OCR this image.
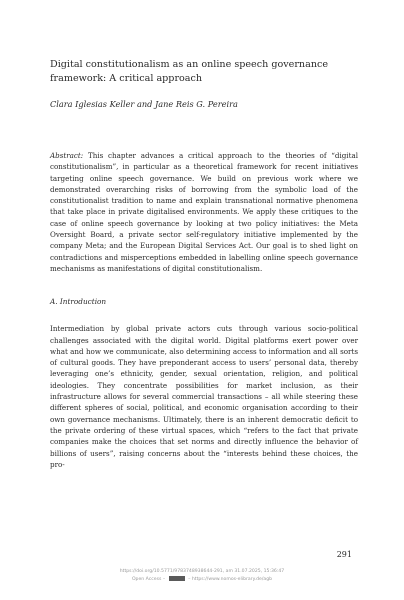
Digital constitutionalism as an online speech governance framework: A critical approach
Clara Iglesias Keller and Jane Reis G. Pereira
Abstract: This chapter advances a critical approach to the theories of “digital constitutionalism”, in particular as a theoretical framework for recent initiatives targeting online speech governance. We build on previous work where we demonstrated overarching risks of borrowing from the symbolic load of the constitutionalist tradition to name and explain transnational normative phenomena that take place in private digitalised environments. We apply these critiques to the case of online speech governance by looking at two policy initiatives: the Meta Oversight Board, a private sector self-regulatory initiative implemented by the company Meta; and the European Digital Services Act. Our goal is to shed light on contradictions and misperceptions embedded in labelling online speech governance mechanisms as manifestations of digital constitutionalism.
A. Introduction
Intermediation by global private actors cuts through various socio-political challenges associated with the digital world. Digital platforms exert power over what and how we communicate, also determining access to information and all sorts of cultural goods. They have preponderant access to users’ personal data, thereby leveraging one’s ethnicity, gender, sexual orientation, religion, and political ideologies. They concentrate possibilities for market inclusion, as their infrastructure allows for several commercial transactions – all while steering these different spheres of social, political, and economic organisation according to their own governance mechanisms. Ultimately, there is an inherent democratic deficit to the private ordering of these virtual spaces, which “refers to the fact that private companies make the choices that set norms and directly influence the behavior of billions of users”, raising concerns about the “interests behind these choices, the pro-
291
https://doi.org/10.5771/9783748938644-291, am 31.07.2025, 15:36:47
Open Access –	– https://www.nomos-elibrary.de/agb
